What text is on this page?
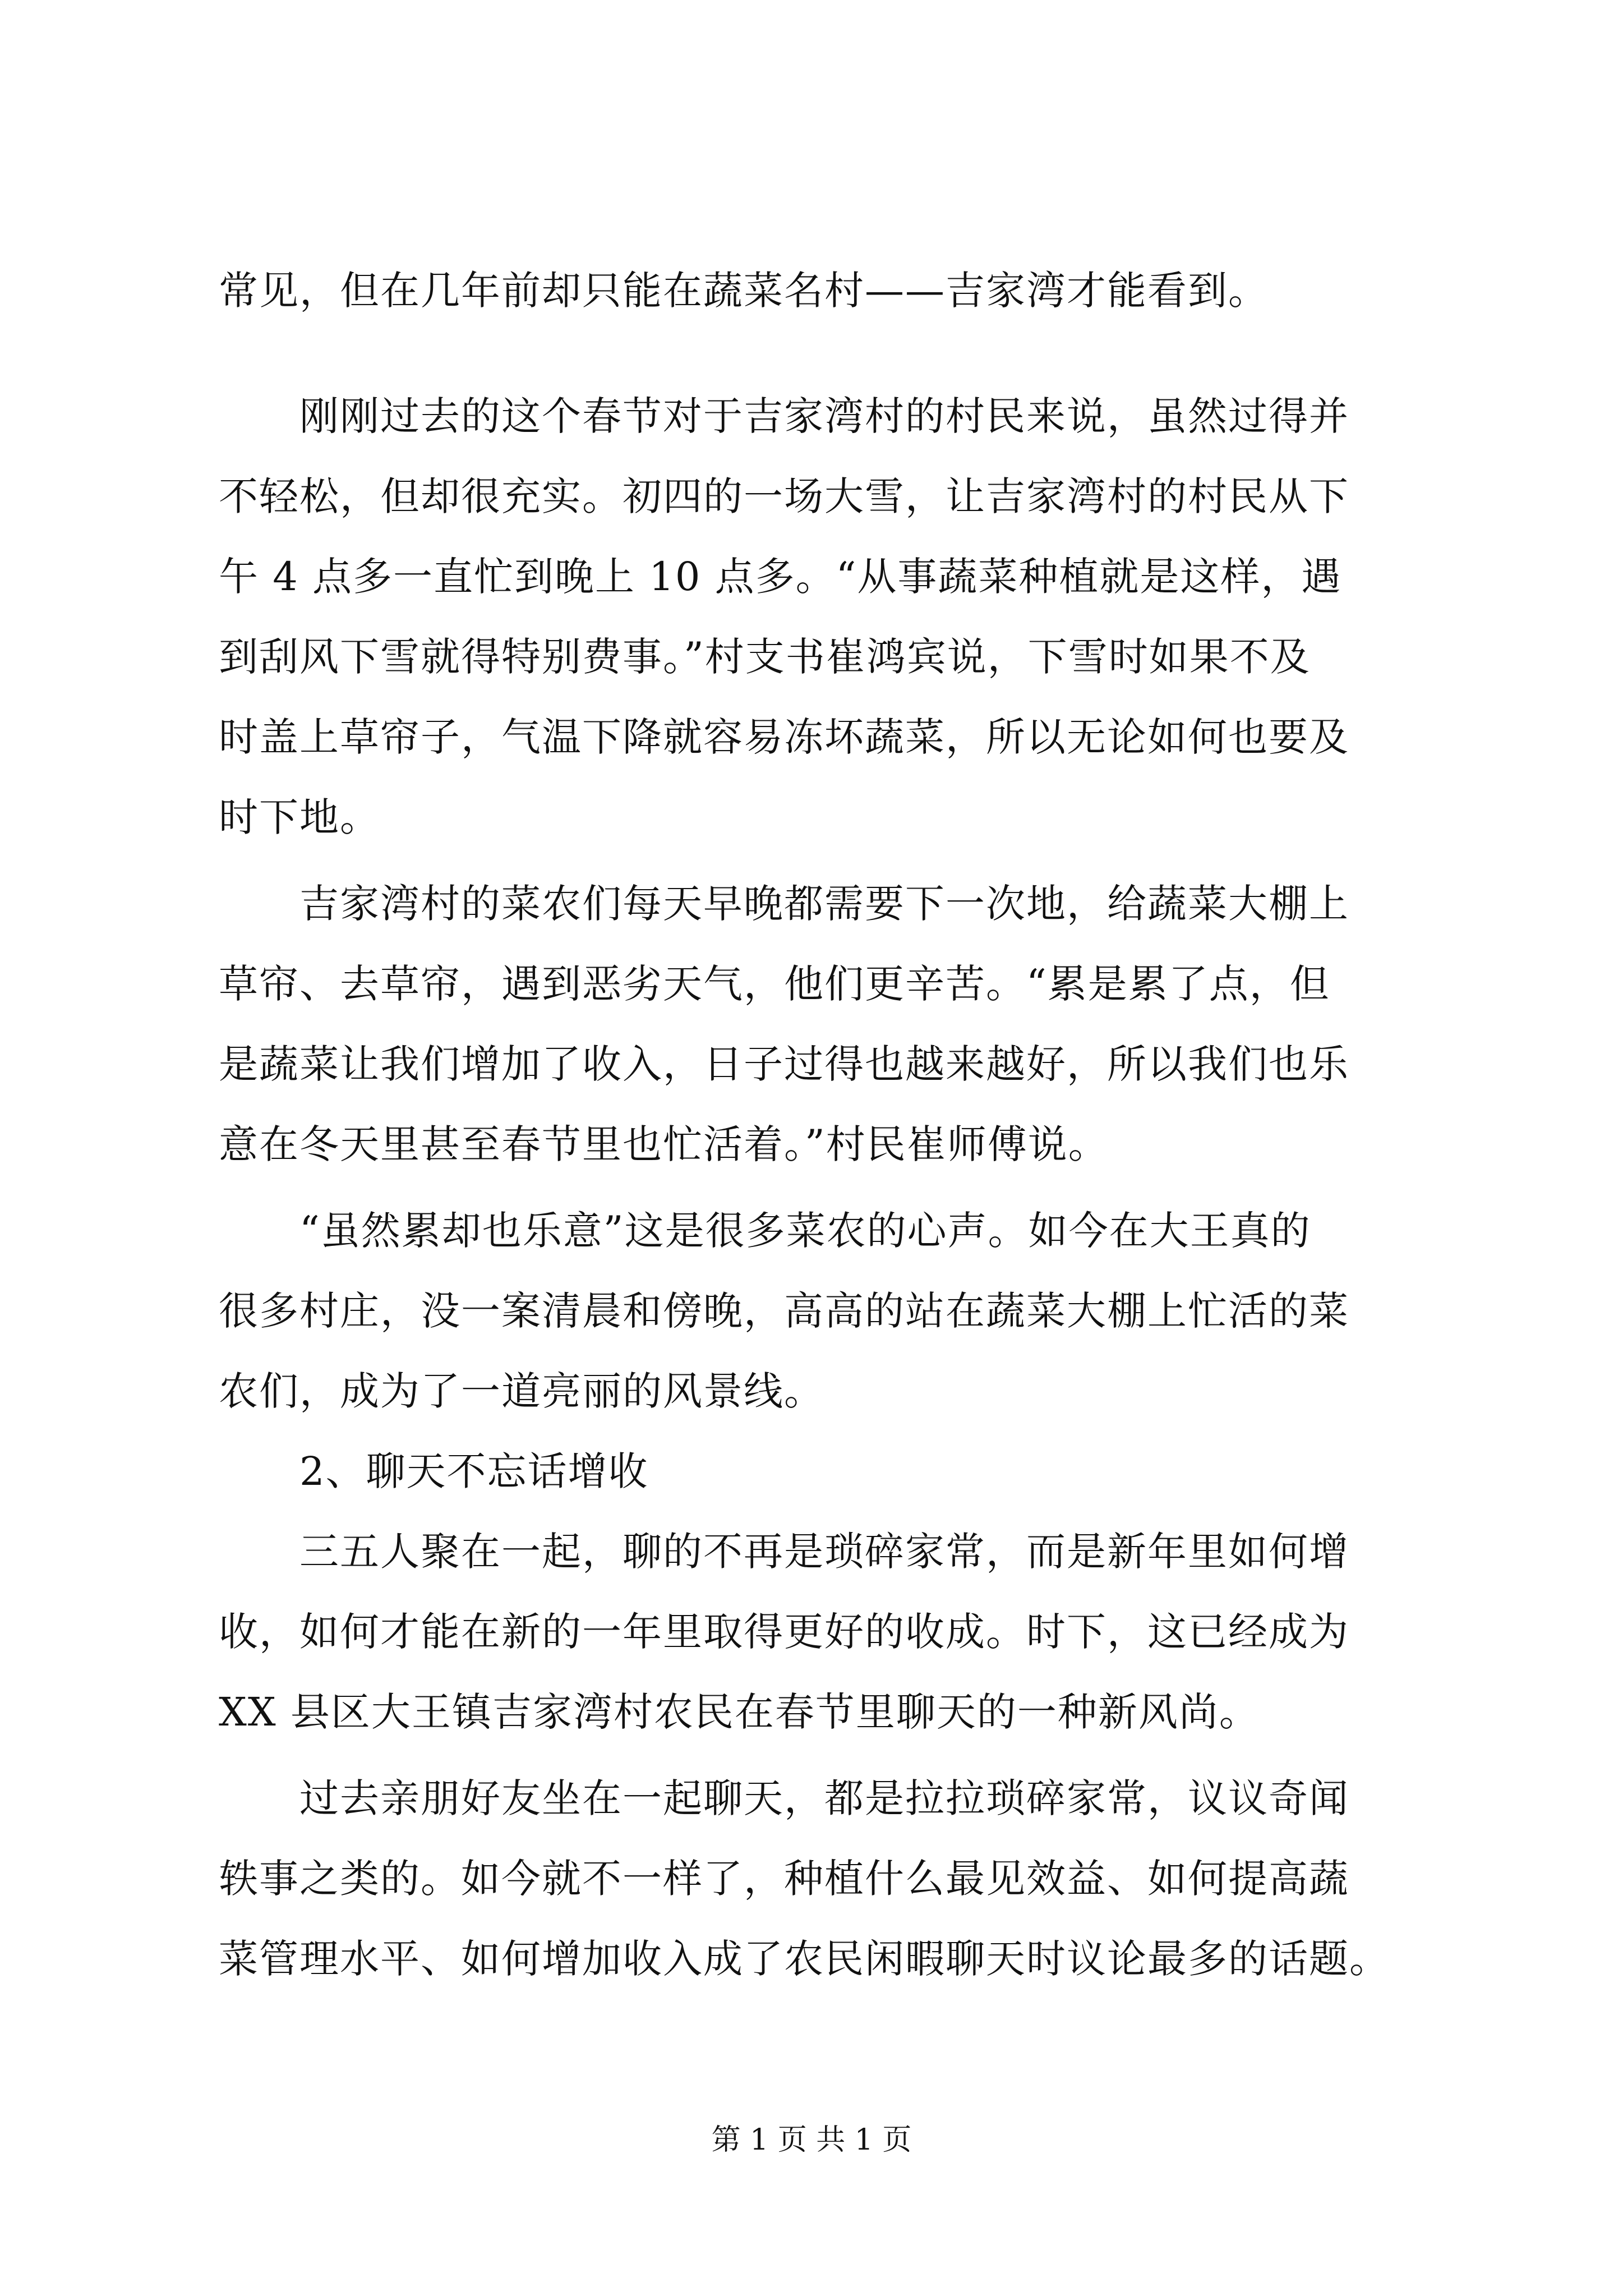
常见，但在几年前却只能在蔬菜名村——吉家湾才能看到。
　　刚刚过去的这个春节对于吉家湾村的村民来说，虽然过得并
不轻松，但却很充实。初四的一场大雪，让吉家湾村的村民从下
午 4 点多一直忙到晚上 10 点多。“从事蔬菜种植就是这样，遇
到刮风下雪就得特别费事。”村支书崔鸿宾说，下雪时如果不及
时盖上草帘子，气温下降就容易冻坏蔬菜，所以无论如何也要及
时下地。
　　吉家湾村的菜农们每天早晚都需要下一次地，给蔬菜大棚上
草帘、去草帘，遇到恶劣天气，他们更辛苦。“累是累了点，但
是蔬菜让我们增加了收入，日子过得也越来越好，所以我们也乐
意在冬天里甚至春节里也忙活着。”村民崔师傅说。
　　“虽然累却也乐意”这是很多菜农的心声。如今在大王真的
很多村庄，没一案清晨和傍晚，高高的站在蔬菜大棚上忙活的菜
农们，成为了一道亮丽的风景线。
　　2、聊天不忘话增收
　　三五人聚在一起，聊的不再是琐碎家常，而是新年里如何增
收，如何才能在新的一年里取得更好的收成。时下，这已经成为
XX 县区大王镇吉家湾村农民在春节里聊天的一种新风尚。
　　过去亲朋好友坐在一起聊天，都是拉拉琐碎家常，议议奇闻
轶事之类的。如今就不一样了，种植什么最见效益、如何提高蔬
菜管理水平、如何增加收入成了农民闲暇聊天时议论最多的话题。
第 1 页 共 1 页
